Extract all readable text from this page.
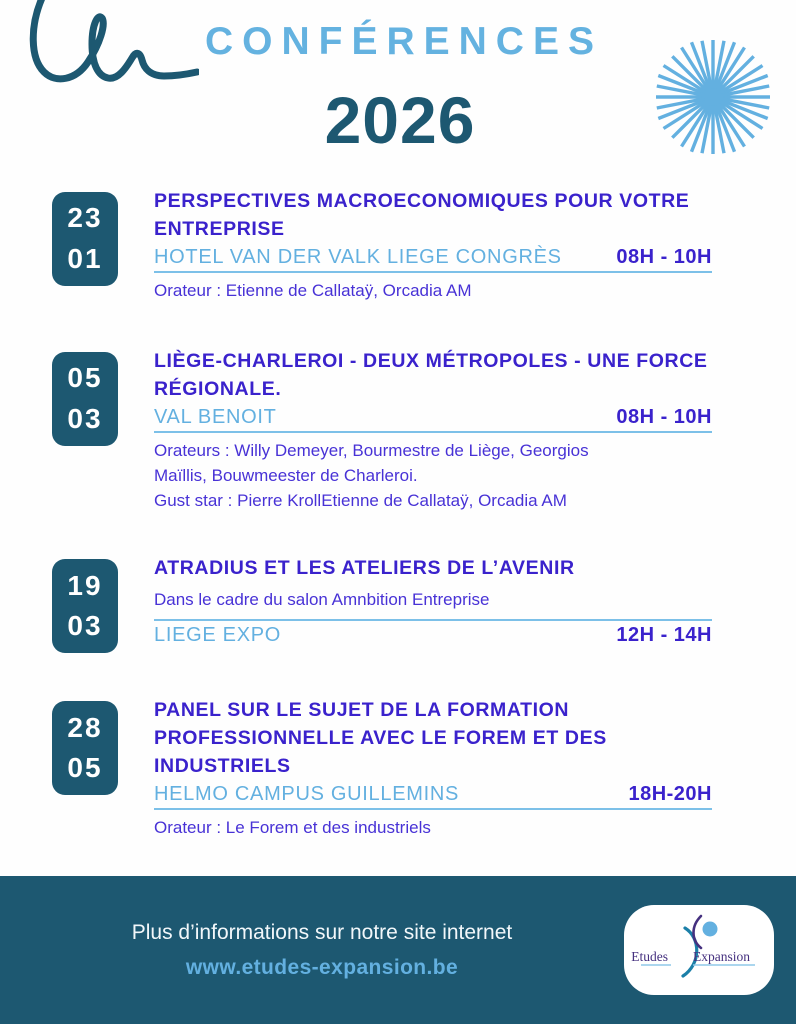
CONFÉRENCES
2026
23
01
PERSPECTIVES MACROECONOMIQUES POUR VOTRE ENTREPRISE
HOTEL VAN DER VALK LIEGE CONGRÈS	08H - 10H
Orateur : Etienne de Callataÿ, Orcadia AM
05
03
LIÈGE-CHARLEROI - DEUX MÉTROPOLES - UNE FORCE RÉGIONALE.
VAL BENOIT	08H - 10H
Orateurs : Willy Demeyer, Bourmestre de Liège, Georgios
Maïllis, Bouwmeester de Charleroi.
Gust star : Pierre KrollEtienne de Callataÿ, Orcadia AM
19
03
ATRADIUS ET LES ATELIERS DE L’AVENIR
Dans le cadre du salon Amnbition Entreprise
LIEGE EXPO	12H - 14H
28
05
PANEL SUR LE SUJET DE LA FORMATION PROFESSIONNELLE AVEC LE FOREM ET DES INDUSTRIELS
HELMO CAMPUS GUILLEMINS	18H-20H
Orateur : Le Forem et des industriels
Plus d’informations sur notre site internet
www.etudes-expansion.be	Etudes Expansion
